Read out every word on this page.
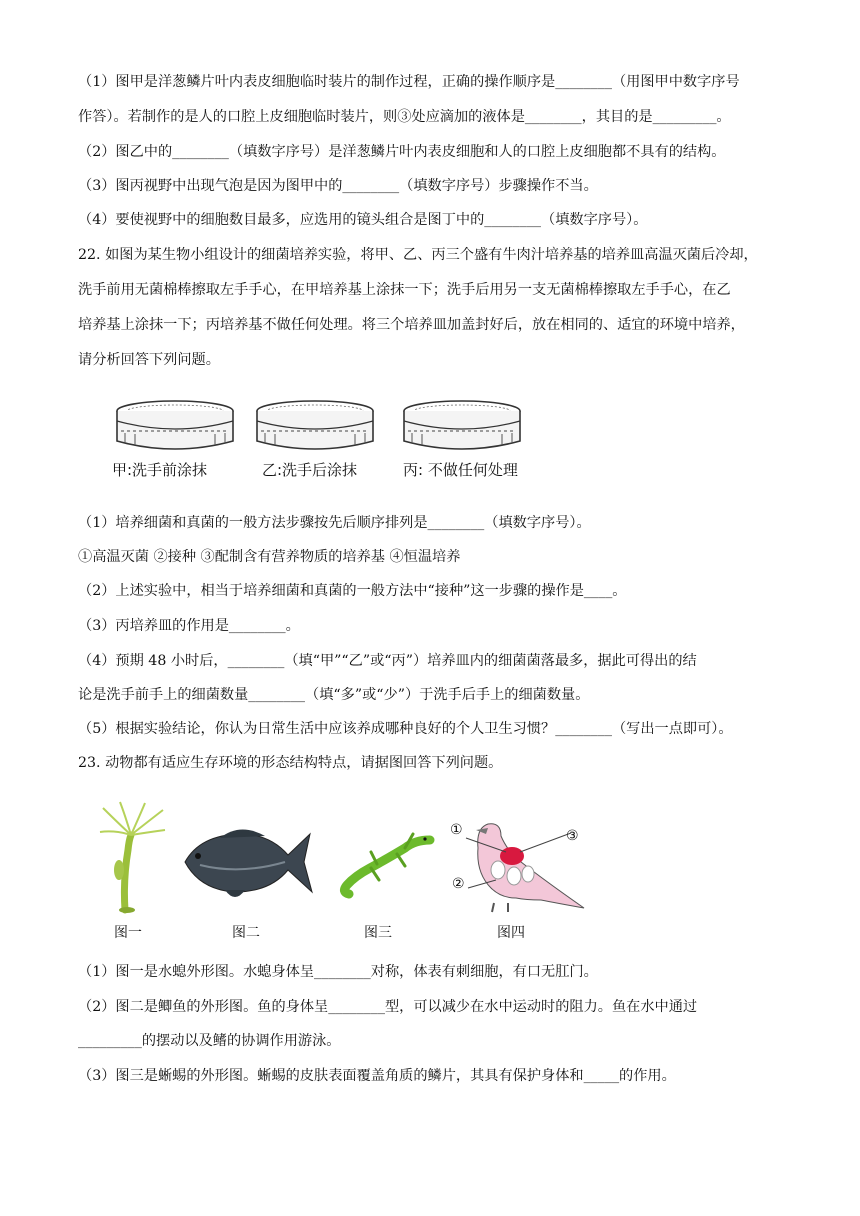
（1）图甲是洋葱鳞片叶内表皮细胞临时装片的制作过程，正确的操作顺序是________（用图甲中数字序号
作答）。若制作的是人的口腔上皮细胞临时装片，则③处应滴加的液体是________，其目的是_________。
（2）图乙中的________（填数字序号）是洋葱鳞片叶内表皮细胞和人的口腔上皮细胞都不具有的结构。
（3）图丙视野中出现气泡是因为图甲中的________（填数字序号）步骤操作不当。
（4）要使视野中的细胞数目最多，应选用的镜头组合是图丁中的________（填数字序号）。
22. 如图为某生物小组设计的细菌培养实验，将甲、乙、丙三个盛有牛肉汁培养基的培养皿高温灭菌后冷却，
洗手前用无菌棉棒擦取左手手心，在甲培养基上涂抹一下；洗手后用另一支无菌棉棒擦取左手手心，在乙
培养基上涂抹一下；丙培养基不做任何处理。将三个培养皿加盖封好后，放在相同的、适宜的环境中培养，
请分析回答下列问题。
甲:洗手前涂抹	乙:洗手后涂抹	丙: 不做任何处理
（1）培养细菌和真菌的一般方法步骤按先后顺序排列是________（填数字序号）。
①高温灭菌 ②接种 ③配制含有营养物质的培养基 ④恒温培养
（2）上述实验中，相当于培养细菌和真菌的一般方法中“接种”这一步骤的操作是____。
（3）丙培养皿的作用是________。
（4）预期 48 小时后，________（填“甲”“乙”或“丙”）培养皿内的细菌菌落最多，据此可得出的结
论是洗手前手上的细菌数量________（填“多”或“少”）于洗手后手上的细菌数量。
（5）根据实验结论，你认为日常生活中应该养成哪种良好的个人卫生习惯？________（写出一点即可）。
23. 动物都有适应生存环境的形态结构特点，请据图回答下列问题。
①
②
③
图一	图二	图三	图四
（1）图一是水螅外形图。水螅身体呈________对称，体表有刺细胞，有口无肛门。
（2）图二是鲫鱼的外形图。鱼的身体呈________型，可以减少在水中运动时的阻力。鱼在水中通过
_________的摆动以及鳍的协调作用游泳。
（3）图三是蜥蜴的外形图。蜥蜴的皮肤表面覆盖角质的鳞片，其具有保护身体和_____的作用。
